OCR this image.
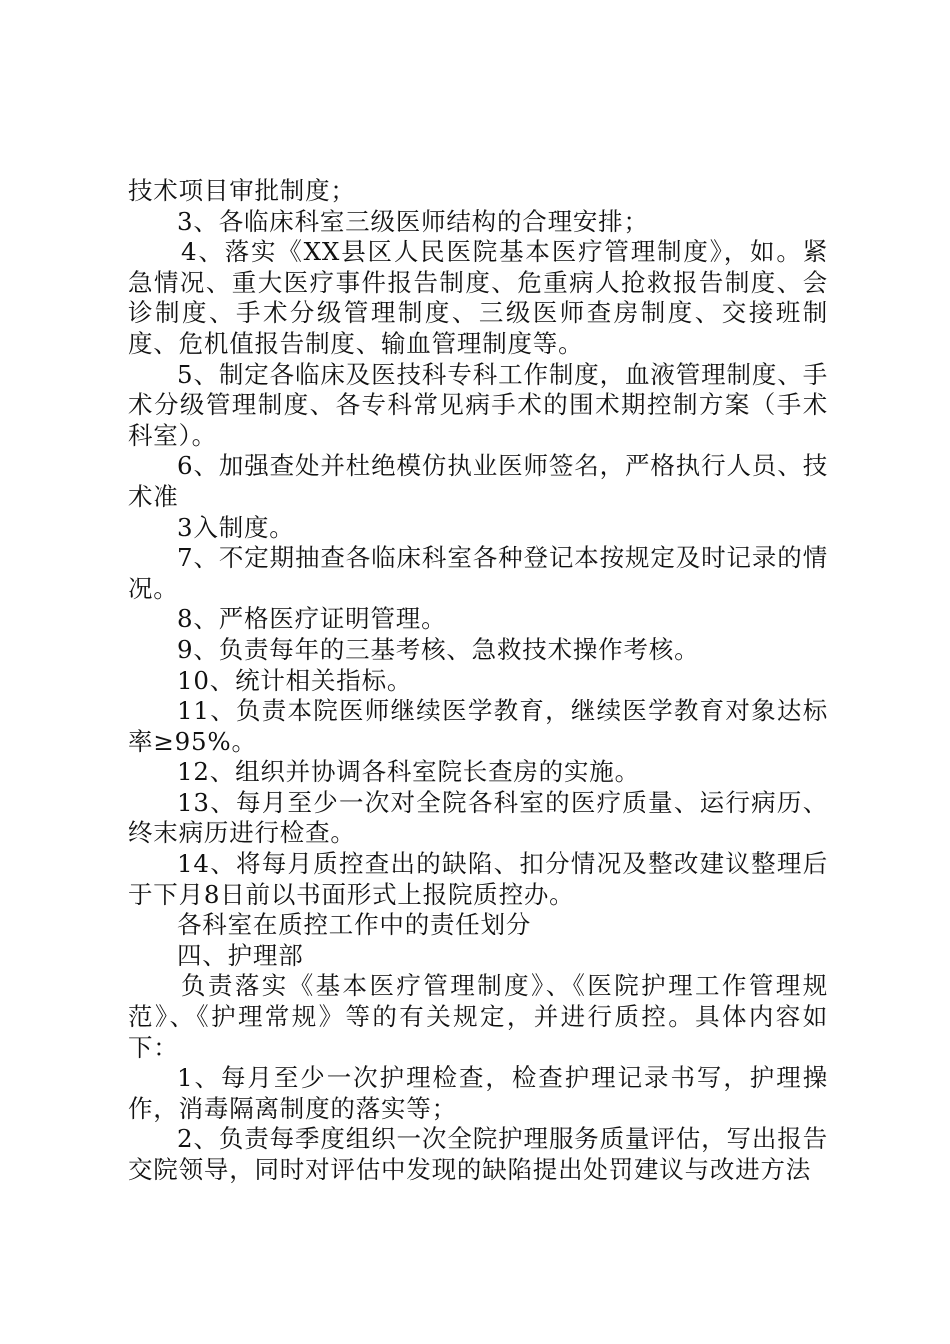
技术项目审批制度；

3、各临床科室三级医师结构的合理安排；

4、落实《XX县区人民医院基本医疗管理制度》，如。紧急情况、重大医疗事件报告制度、危重病人抢救报告制度、会诊制度、手术分级管理制度、三级医师查房制度、交接班制度、危机值报告制度、输血管理制度等。

5、制定各临床及医技科专科工作制度，血液管理制度、手术分级管理制度、各专科常见病手术的围术期控制方案（手术科室）。

6、加强查处并杜绝模仿执业医师签名，严格执行人员、技术准

3入制度。

7、不定期抽查各临床科室各种登记本按规定及时记录的情况。

8、严格医疗证明管理。

9、负责每年的三基考核、急救技术操作考核。

10、统计相关指标。

11、负责本院医师继续医学教育，继续医学教育对象达标率≥95%。

12、组织并协调各科室院长查房的实施。

13、每月至少一次对全院各科室的医疗质量、运行病历、终末病历进行检查。

14、将每月质控查出的缺陷、扣分情况及整改建议整理后于下月8日前以书面形式上报院质控办。

各科室在质控工作中的责任划分

四、护理部

负责落实《基本医疗管理制度》、《医院护理工作管理规范》、《护理常规》等的有关规定，并进行质控。具体内容如下：

1、每月至少一次护理检查，检查护理记录书写，护理操作，消毒隔离制度的落实等；

2、负责每季度组织一次全院护理服务质量评估，写出报告交院领导，同时对评估中发现的缺陷提出处罚建议与改进方法
